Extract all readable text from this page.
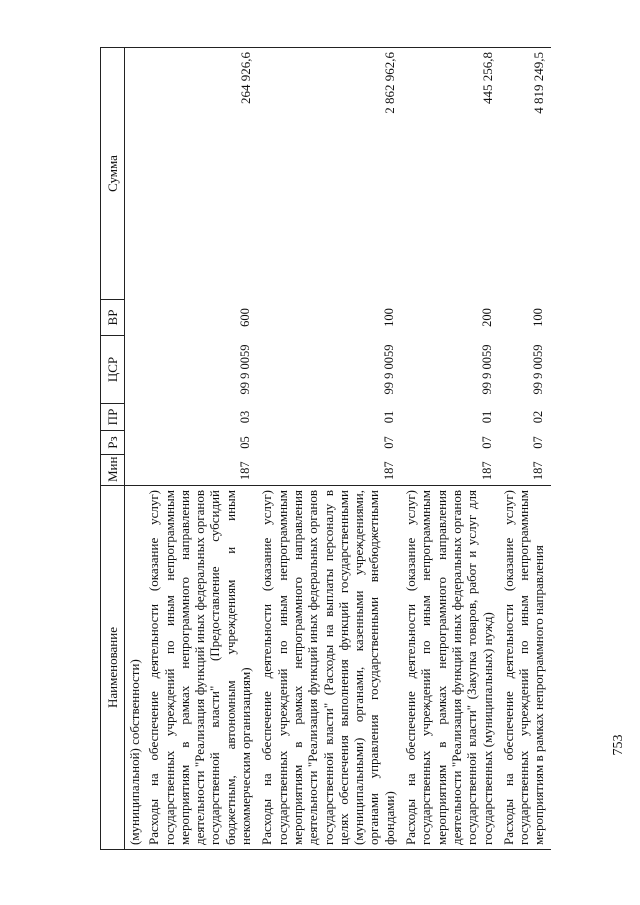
753
Наименование	Мин	Рз	ПР	ЦСР	ВР	Сумма
(муниципальной) собственности)						
Расходы на обеспечение деятельности (оказание услуг) государственных учреждений по иным непрограммным мероприятиям в рамках непрограммного направления деятельности "Реализация функций иных федеральных органов государственной власти" (Предоставление субсидий бюджетным, автономным учреждениям и иным некоммерческим организациям)	187	05	03	99 9 0059	600	264 926,6
Расходы на обеспечение деятельности (оказание услуг) государственных учреждений по иным непрограммным мероприятиям в рамках непрограммного направления деятельности "Реализация функций иных федеральных органов государственной власти" (Расходы на выплаты персоналу в целях обеспечения выполнения функций государственными (муниципальными) органами, казенными учреждениями, органами управления государственными внебюджетными фондами)	187	07	01	99 9 0059	100	2 862 962,6
Расходы на обеспечение деятельности (оказание услуг) государственных учреждений по иным непрограммным мероприятиям в рамках непрограммного направления деятельности "Реализация функций иных федеральных органов государственной власти" (Закупка товаров, работ и услуг для государственных (муниципальных) нужд)	187	07	01	99 9 0059	200	445 256,8
Расходы на обеспечение деятельности (оказание услуг) государственных учреждений по иным непрограммным мероприятиям в рамках непрограммного направления	187	07	02	99 9 0059	100	4 819 249,5
